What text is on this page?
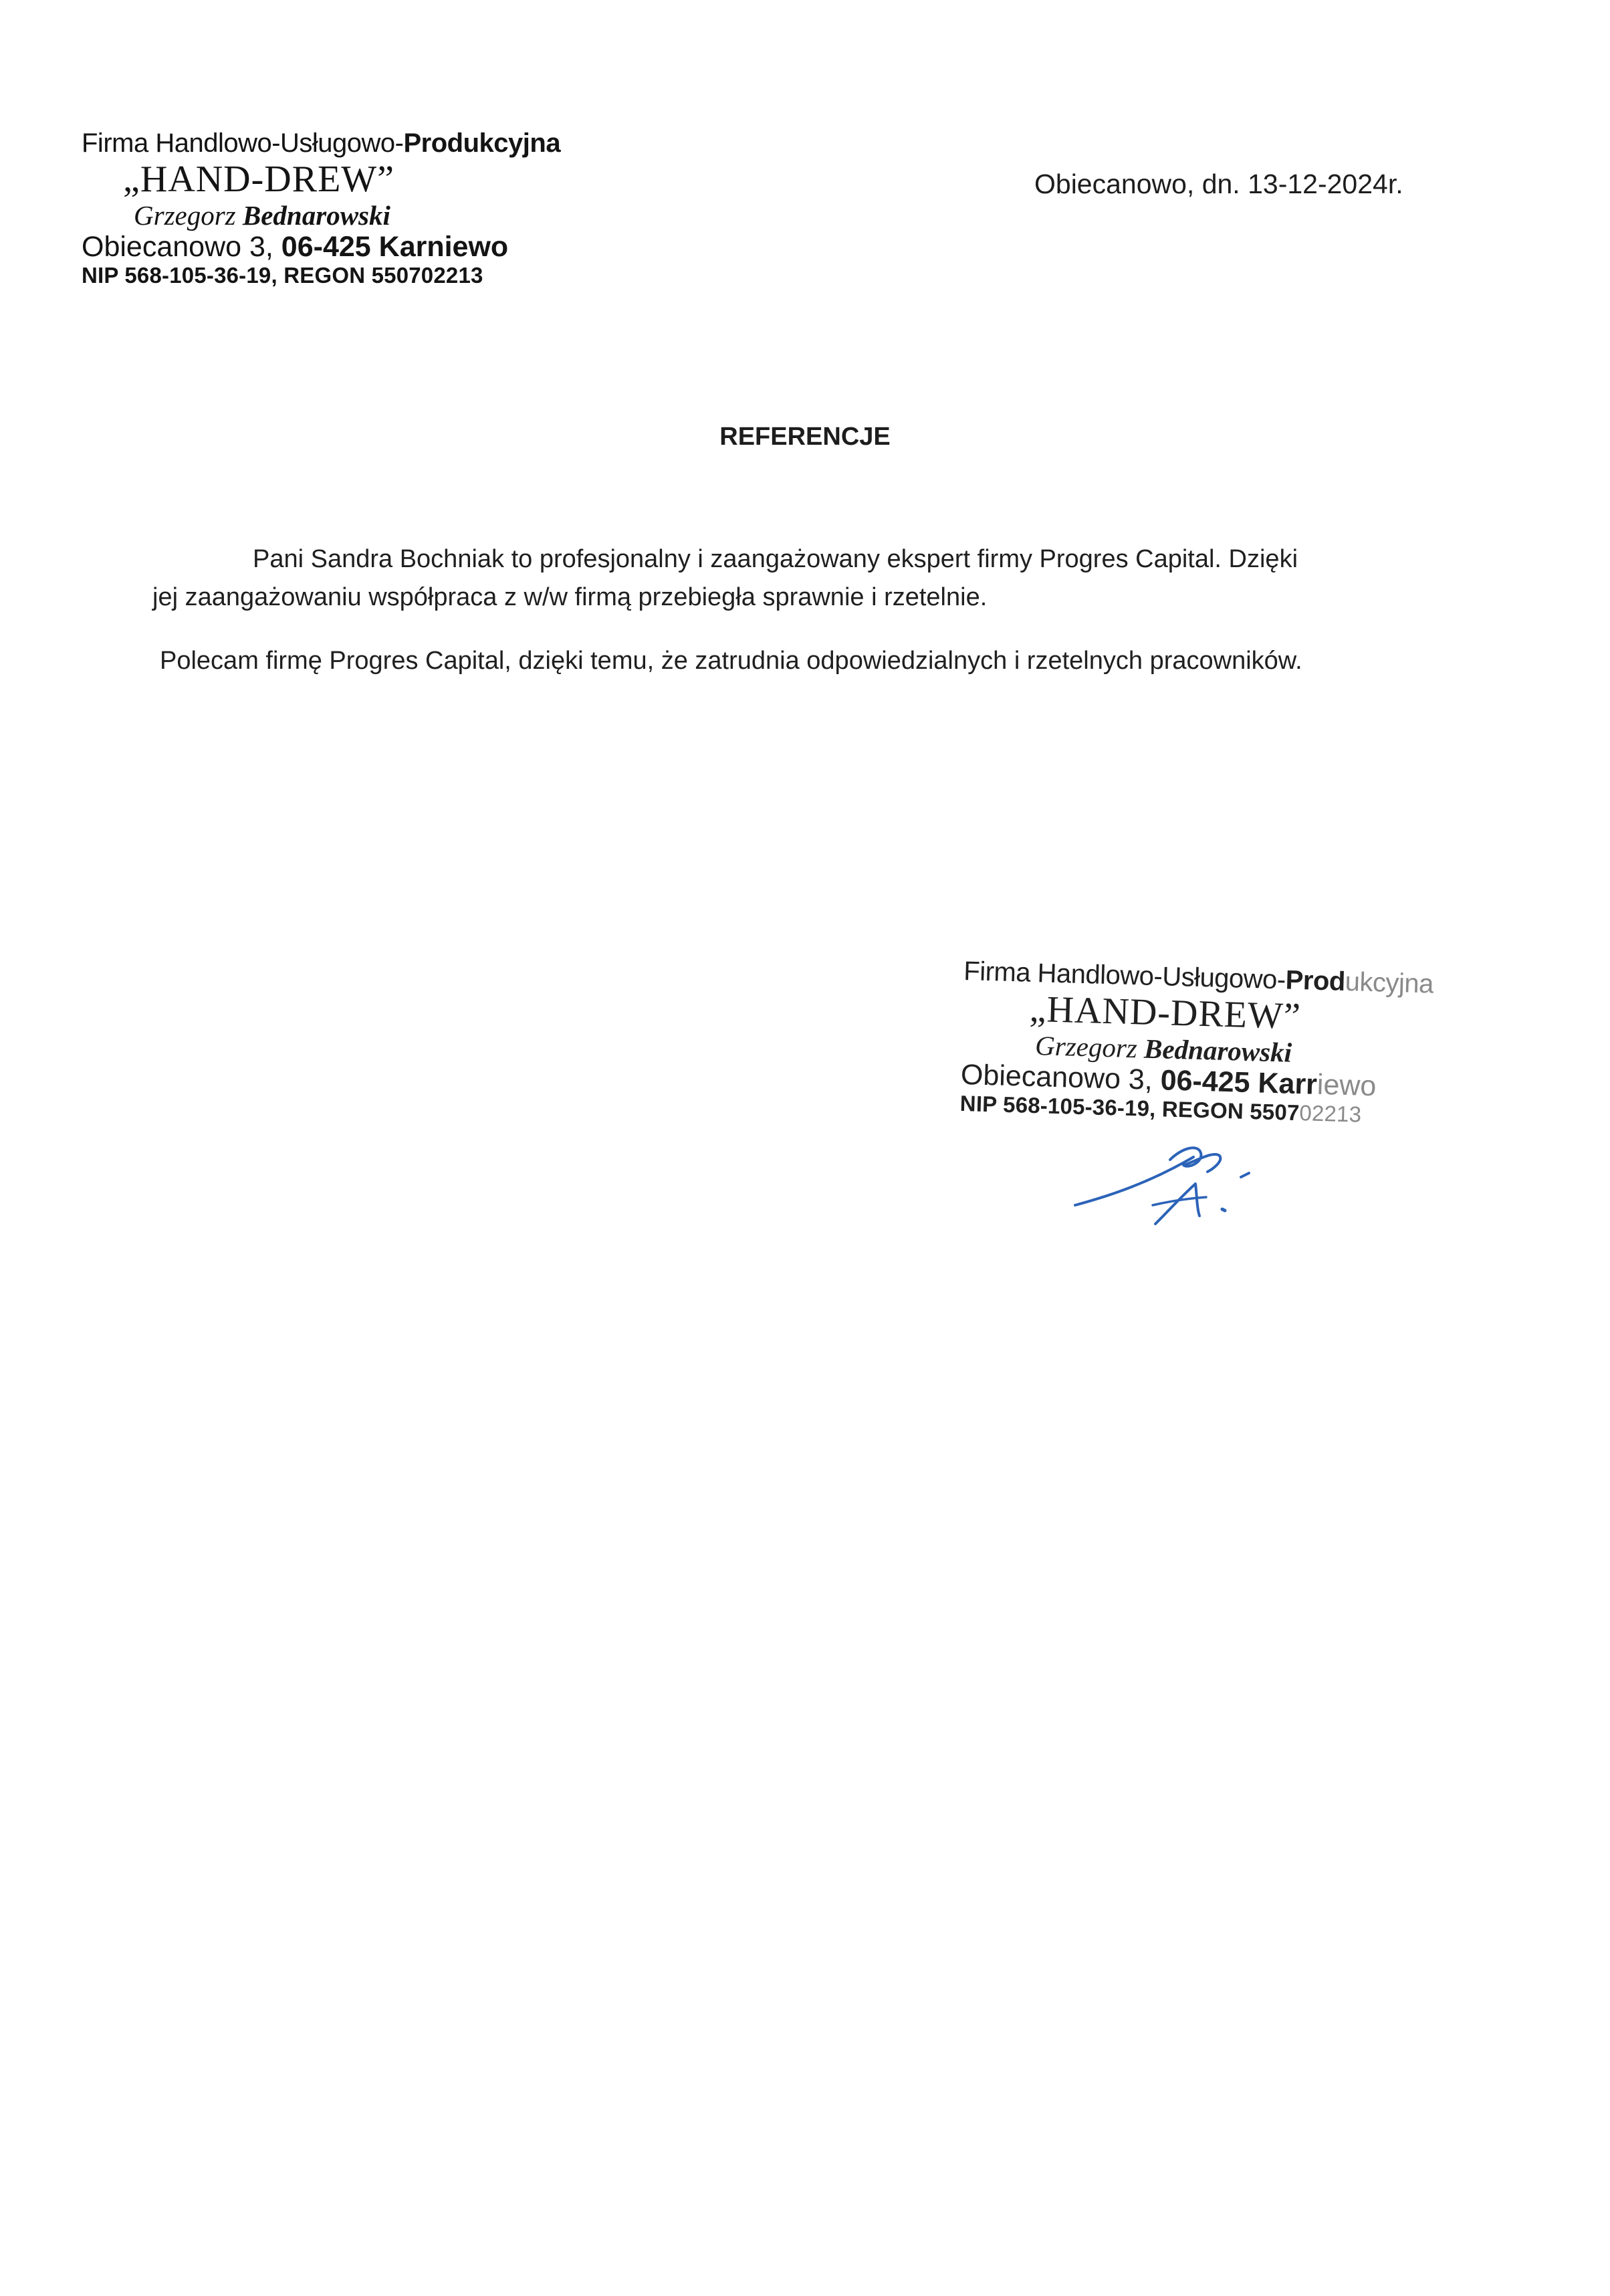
Firma Handlowo-Usługowo-Produkcyjna
„HAND-DREW”
Grzegorz Bednarowski
Obiecanowo 3, 06-425 Karniewo
NIP 568-105-36-19, REGON 550702213
Obiecanowo, dn. 13-12-2024r.
REFERENCJE
Pani Sandra Bochniak to profesjonalny i zaangażowany ekspert firmy Progres Capital. Dzięki
jej zaangażowaniu współpraca z w/w firmą przebiegła sprawnie i rzetelnie.
Polecam firmę Progres Capital, dzięki temu, że zatrudnia odpowiedzialnych i rzetelnych pracowników.
Firma Handlowo-Usługowo-Produkcyjna
„HAND-DREW”
Grzegorz Bednarowski
Obiecanowo 3, 06-425 Karriewo
NIP 568-105-36-19, REGON 550702213
